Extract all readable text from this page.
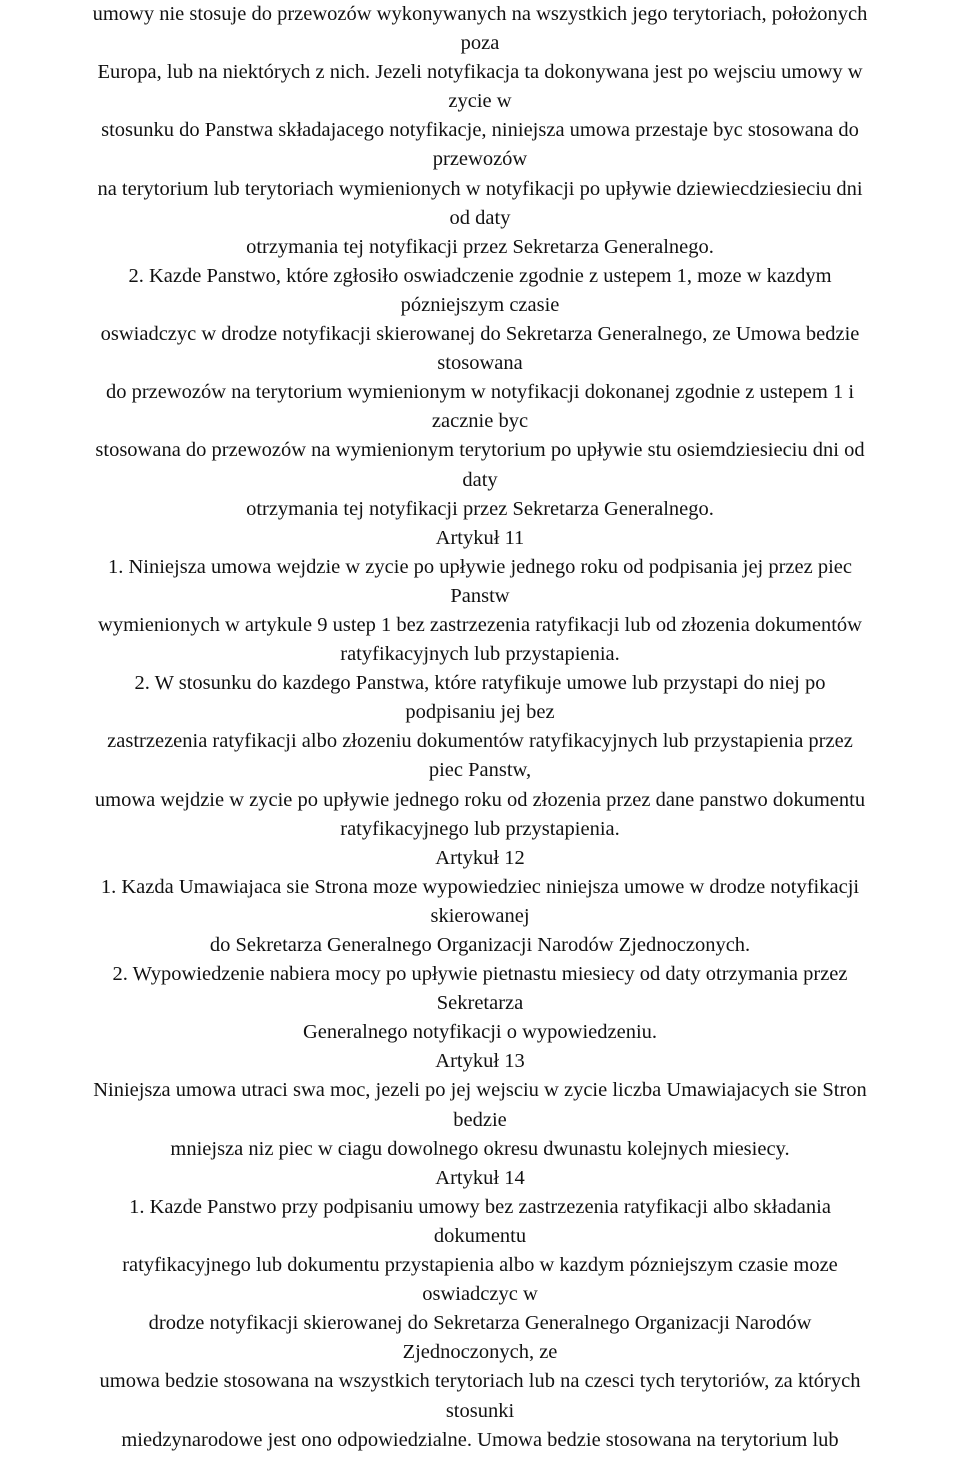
umowy nie stosuje do przewozów wykonywanych na wszystkich jego terytoriach, położonych
poza
Europa, lub na niektórych z nich. Jezeli notyfikacja ta dokonywana jest po wejsciu umowy w
zycie w
stosunku do Panstwa składajacego notyfikacje, niniejsza umowa przestaje byc stosowana do
przewozów
na terytorium lub terytoriach wymienionych w notyfikacji po upływie dziewiecdziesieciu dni
od daty
otrzymania tej notyfikacji przez Sekretarza Generalnego.
2. Kazde Panstwo, które zgłosiło oswiadczenie zgodnie z ustepem 1, moze w kazdym
pózniejszym czasie
oswiadczyc w drodze notyfikacji skierowanej do Sekretarza Generalnego, ze Umowa bedzie
stosowana
do przewozów na terytorium wymienionym w notyfikacji dokonanej zgodnie z ustepem 1 i
zacznie byc
stosowana do przewozów na wymienionym terytorium po upływie stu osiemdziesieciu dni od
daty
otrzymania tej notyfikacji przez Sekretarza Generalnego.
Artykuł 11
1. Niniejsza umowa wejdzie w zycie po upływie jednego roku od podpisania jej przez piec
Panstw
wymienionych w artykule 9 ustep 1 bez zastrzezenia ratyfikacji lub od złozenia dokumentów
ratyfikacyjnych lub przystapienia.
2. W stosunku do kazdego Panstwa, które ratyfikuje umowe lub przystapi do niej po
podpisaniu jej bez
zastrzezenia ratyfikacji albo złozeniu dokumentów ratyfikacyjnych lub przystapienia przez
piec Panstw,
umowa wejdzie w zycie po upływie jednego roku od złozenia przez dane panstwo dokumentu
ratyfikacyjnego lub przystapienia.
Artykuł 12
1. Kazda Umawiajaca sie Strona moze wypowiedziec niniejsza umowe w drodze notyfikacji
skierowanej
do Sekretarza Generalnego Organizacji Narodów Zjednoczonych.
2. Wypowiedzenie nabiera mocy po upływie pietnastu miesiecy od daty otrzymania przez
Sekretarza
Generalnego notyfikacji o wypowiedzeniu.
Artykuł 13
Niniejsza umowa utraci swa moc, jezeli po jej wejsciu w zycie liczba Umawiajacych sie Stron
bedzie
mniejsza niz piec w ciagu dowolnego okresu dwunastu kolejnych miesiecy.
Artykuł 14
1. Kazde Panstwo przy podpisaniu umowy bez zastrzezenia ratyfikacji albo składania
dokumentu
ratyfikacyjnego lub dokumentu przystapienia albo w kazdym pózniejszym czasie moze
oswiadczyc w
drodze notyfikacji skierowanej do Sekretarza Generalnego Organizacji Narodów
Zjednoczonych, ze
umowa bedzie stosowana na wszystkich terytoriach lub na czesci tych terytoriów, za których
stosunki
miedzynarodowe jest ono odpowiedzialne. Umowa bedzie stosowana na terytorium lub
